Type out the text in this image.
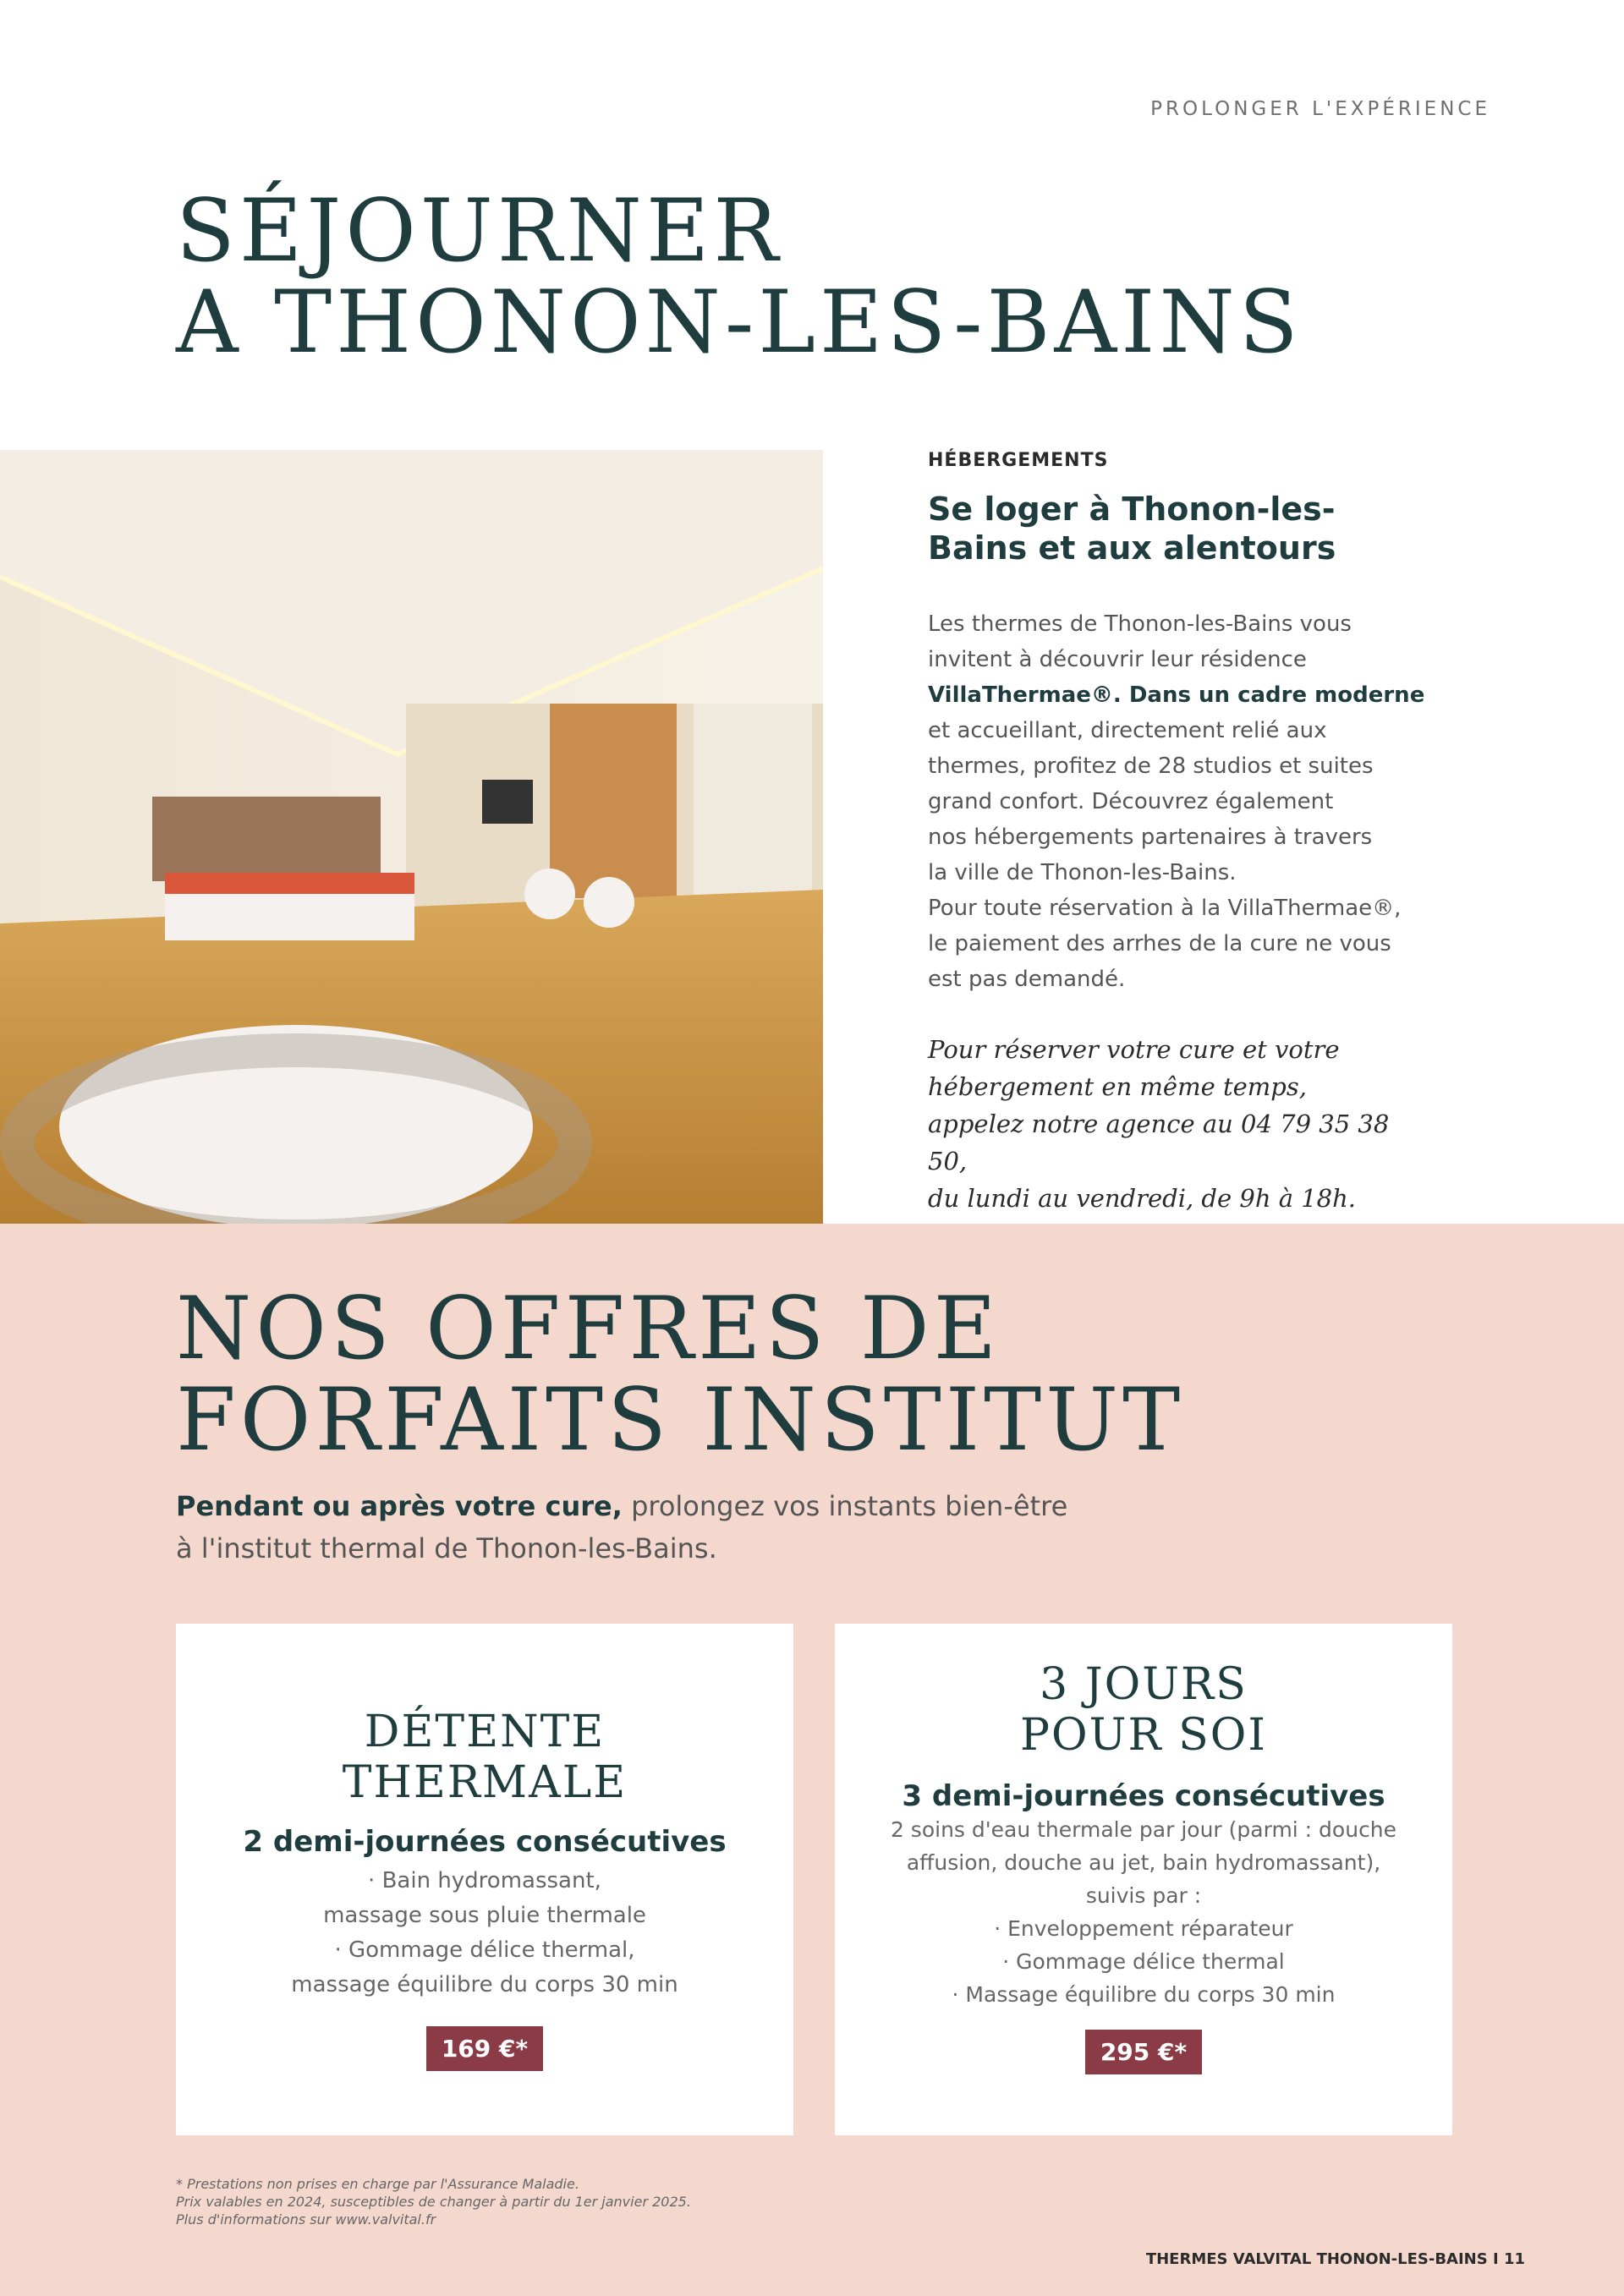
PROLONGER L'EXPÉRIENCE
SÉJOURNER
A THONON-LES-BAINS
HÉBERGEMENTS
Se loger à Thonon-les-
Bains et aux alentours
Les thermes de Thonon-les-Bains vous
invitent à découvrir leur résidence
VillaThermae®. Dans un cadre moderne
et accueillant, directement relié aux
thermes, profitez de 28 studios et suites
grand confort. Découvrez également
nos hébergements partenaires à travers
la ville de Thonon-les-Bains.
Pour toute réservation à la VillaThermae®,
le paiement des arrhes de la cure ne vous
est pas demandé.
Pour réserver votre cure et votre
hébergement en même temps,
appelez notre agence au 04 79 35 38 50,
du lundi au vendredi, de 9h à 18h.
NOS OFFRES DE
FORFAITS INSTITUT
Pendant ou après votre cure, prolongez vos instants bien-être
à l'institut thermal de Thonon-les-Bains.
DÉTENTE
THERMALE
2 demi-journées consécutives
· Bain hydromassant,
massage sous pluie thermale
· Gommage délice thermal,
massage équilibre du corps 30 min
169 €*
3 JOURS
POUR SOI
3 demi-journées consécutives
2 soins d'eau thermale par jour (parmi : douche
affusion, douche au jet, bain hydromassant),
suivis par :
· Enveloppement réparateur
· Gommage délice thermal
· Massage équilibre du corps 30 min
295 €*
* Prestations non prises en charge par l'Assurance Maladie.
Prix valables en 2024, susceptibles de changer à partir du 1er janvier 2025.
Plus d'informations sur www.valvital.fr
THERMES VALVITAL THONON-LES-BAINS I 11
